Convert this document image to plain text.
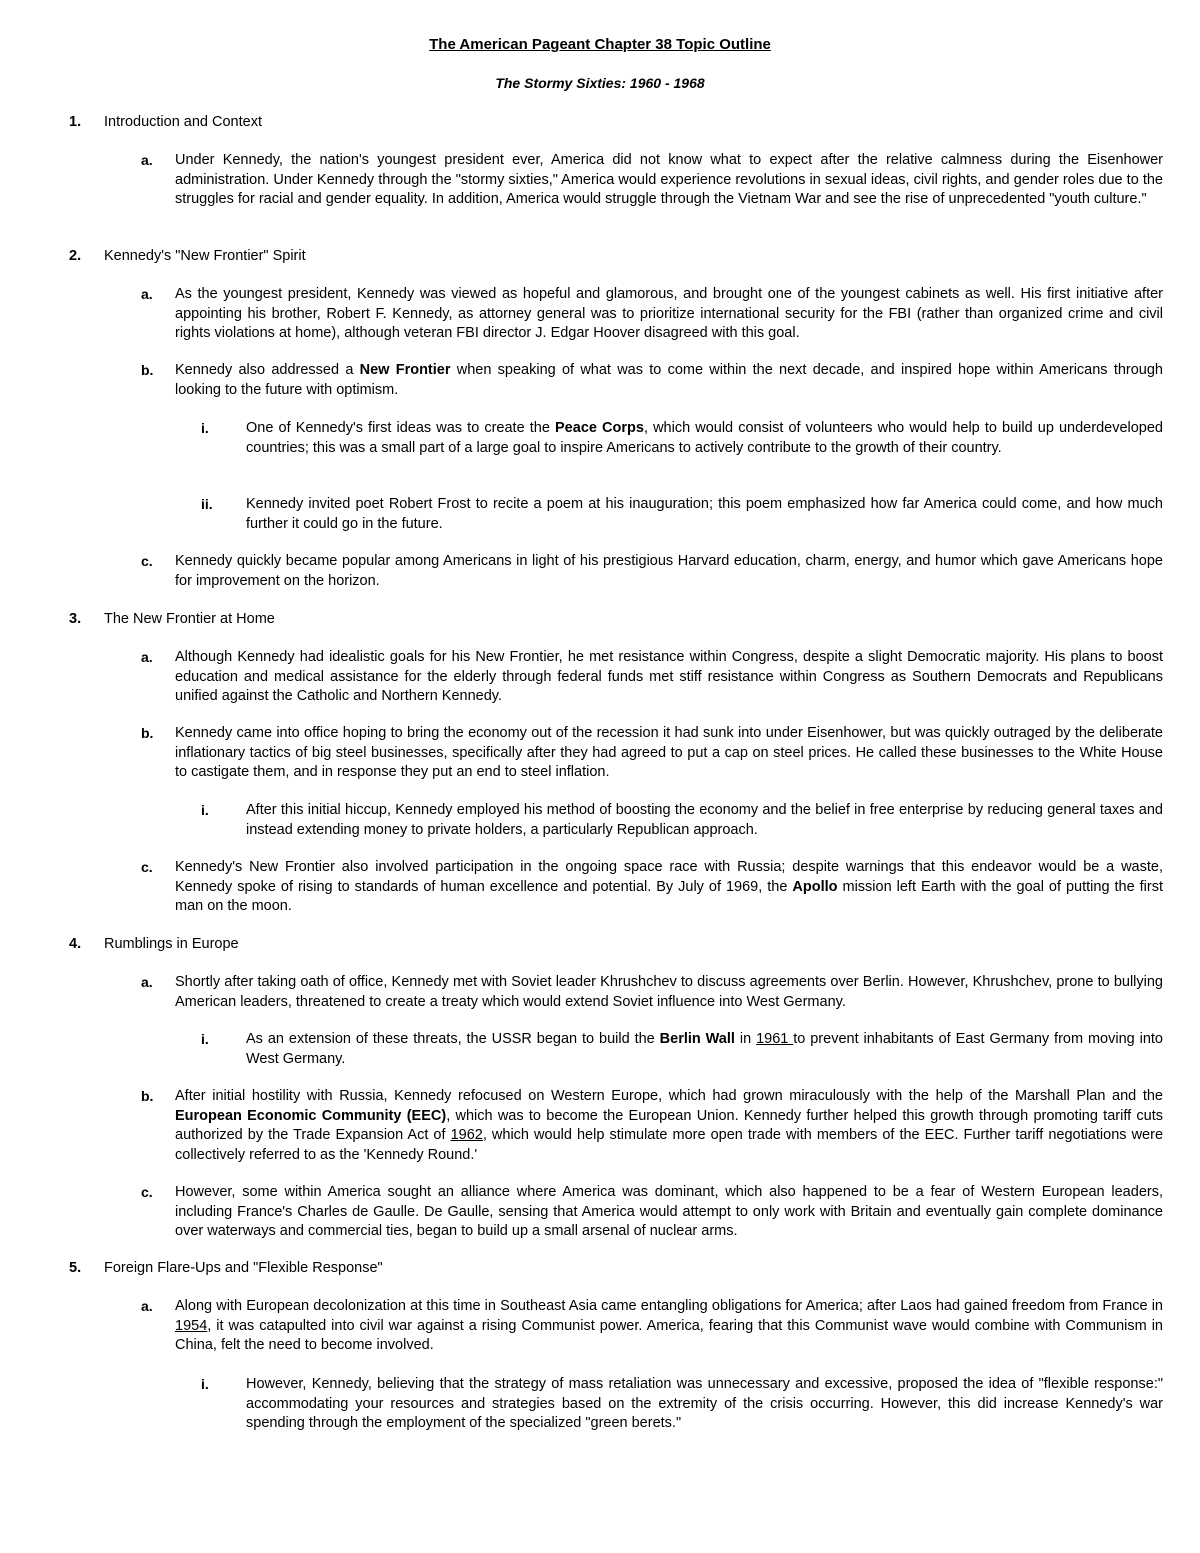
The American Pageant Chapter 38 Topic Outline
The Stormy Sixties: 1960 - 1968
1. Introduction and Context
a. Under Kennedy, the nation's youngest president ever, America did not know what to expect after the relative calmness during the Eisenhower administration. Under Kennedy through the "stormy sixties," America would experience revolutions in sexual ideas, civil rights, and gender roles due to the struggles for racial and gender equality. In addition, America would struggle through the Vietnam War and see the rise of unprecedented "youth culture."
2. Kennedy's "New Frontier" Spirit
a. As the youngest president, Kennedy was viewed as hopeful and glamorous, and brought one of the youngest cabinets as well. His first initiative after appointing his brother, Robert F. Kennedy, as attorney general was to prioritize international security for the FBI (rather than organized crime and civil rights violations at home), although veteran FBI director J. Edgar Hoover disagreed with this goal.
b. Kennedy also addressed a New Frontier when speaking of what was to come within the next decade, and inspired hope within Americans through looking to the future with optimism.
i.	One of Kennedy's first ideas was to create the Peace Corps, which would consist of volunteers who would help to build up underdeveloped countries; this was a small part of a large goal to inspire Americans to actively contribute to the growth of their country.
ii. Kennedy invited poet Robert Frost to recite a poem at his inauguration; this poem emphasized how far America could come, and how much further it could go in the future.
c. Kennedy quickly became popular among Americans in light of his prestigious Harvard education, charm, energy, and humor which gave Americans hope for improvement on the horizon.
3. The New Frontier at Home
a. Although Kennedy had idealistic goals for his New Frontier, he met resistance within Congress, despite a slight Democratic majority. His plans to boost education and medical assistance for the elderly through federal funds met stiff resistance within Congress as Southern Democrats and Republicans unified against the Catholic and Northern Kennedy.
b. Kennedy came into office hoping to bring the economy out of the recession it had sunk into under Eisenhower, but was quickly outraged by the deliberate inflationary tactics of big steel businesses, specifically after they had agreed to put a cap on steel prices. He called these businesses to the White House to castigate them, and in response they put an end to steel inflation.
i.	After this initial hiccup, Kennedy employed his method of boosting the economy and the belief in free enterprise by reducing general taxes and instead extending money to private holders, a particularly Republican approach.
c. Kennedy's New Frontier also involved participation in the ongoing space race with Russia; despite warnings that this endeavor would be a waste, Kennedy spoke of rising to standards of human excellence and potential. By July of 1969, the Apollo mission left Earth with the goal of putting the first man on the moon.
4. Rumblings in Europe
a. Shortly after taking oath of office, Kennedy met with Soviet leader Khrushchev to discuss agreements over Berlin. However, Khrushchev, prone to bullying American leaders, threatened to create a treaty which would extend Soviet influence into West Germany.
i.	As an extension of these threats, the USSR began to build the Berlin Wall in 1961 to prevent inhabitants of East Germany from moving into West Germany.
b. After initial hostility with Russia, Kennedy refocused on Western Europe, which had grown miraculously with the help of the Marshall Plan and the European Economic Community (EEC), which was to become the European Union. Kennedy further helped this growth through promoting tariff cuts authorized by the Trade Expansion Act of 1962, which would help stimulate more open trade with members of the EEC. Further tariff negotiations were collectively referred to as the 'Kennedy Round.'
c. However, some within America sought an alliance where America was dominant, which also happened to be a fear of Western European leaders, including France's Charles de Gaulle. De Gaulle, sensing that America would attempt to only work with Britain and eventually gain complete dominance over waterways and commercial ties, began to build up a small arsenal of nuclear arms.
5. Foreign Flare-Ups and "Flexible Response"
a. Along with European decolonization at this time in Southeast Asia came entangling obligations for America; after Laos had gained freedom from France in 1954, it was catapulted into civil war against a rising Communist power. America, fearing that this Communist wave would combine with Communism in China, felt the need to become involved.
i.	However, Kennedy, believing that the strategy of mass retaliation was unnecessary and excessive, proposed the idea of "flexible response:" accommodating your resources and strategies based on the extremity of the crisis occurring. However, this did increase Kennedy's war spending through the employment of the specialized "green berets."
